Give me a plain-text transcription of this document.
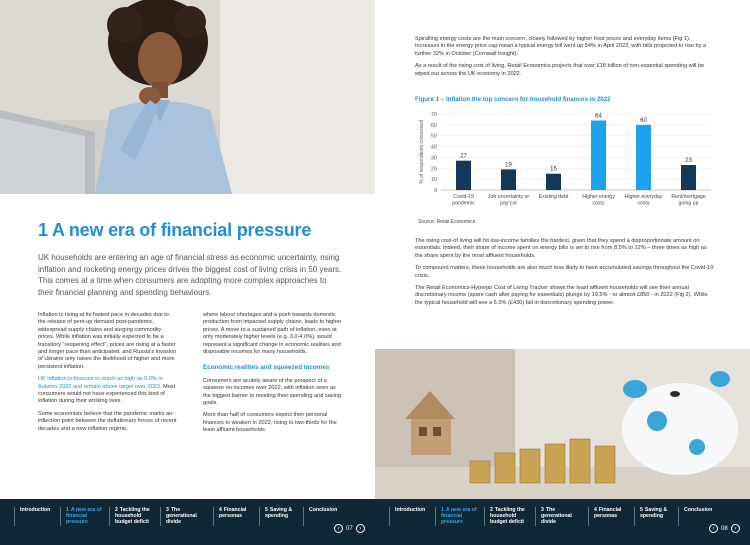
1 A new era of financial pressure
UK households are entering an age of financial stress as economic uncertainty, rising inflation and rocketing energy prices drives the biggest cost of living crisis in 50 years. This comes at a time when consumers are adopting more complex approaches to their financial planning and spending behaviours.

Inflation is rising at its fastest pace in decades due to the release of pent-up demand post-pandemic, widespread supply chains and surging commodity prices. While inflation was initially expected to be a transitory "reopening effect", prices are rising at a faster and longer pace than anticipated, and Russia's invasion of Ukraine only raises the likelihood of higher and more persistent inflation.

UK inflation is forecast to reach as high as 9.0% in Autumn 2022 and remain above target over 2023. Most consumers would not have experienced this kind of inflation during their working lives.

Some economists believe that the pandemic marks an inflection point between the deflationary forces of recent decades and a new inflation regime,

where labour shortages and a push towards domestic production from impacted supply chains, leads to higher prices. A move to a sustained path of inflation, even at only moderately higher levels (e.g. 3.0-4.0%), would represent a significant change in economic realities and disposable incomes for many households.

Economic realities and squeezed incomes

Consumers are acutely aware of the prospect of a squeeze on incomes over 2022, with inflation seen as the biggest barrier to meeting their spending and saving goals.

More than half of consumers expect their personal finances to weaken in 2022, rising to two-thirds for the least affluent households.

Spiralling energy costs are the main concern, closely followed by higher food prices and everyday items (Fig 1). Increases in the energy price cap mean a typical energy bill went up 54% in April 2022, with bills projected to rise by a further 32% in October (Cornwall Insight).

As a result of the rising cost of living, Retail Economics projects that over £18 billion of non-essential spending will be wiped out across the UK economy in 2022.

Figure 1 – Inflation the top concern for household finances in 2022
0
10
20
30
40
50
60
70
% of respondents concerned	27
Covid-19
pandemic
19
Job uncertainty or
pay cut
15
Existing debt
64
Higher energy
costs
60
Higher everyday
costs
23
Rent/mortgage
going up
Source: Retail Economics

The rising cost-of living will hit low-income families the hardest, given that they spend a disproportionate amount on essentials. Indeed, their share of income spent on energy bills is set to rise from 8.5% to 12% – three times as high as the share spent by the most affluent households.

To compound matters, these households are also much less likely to have accumulated savings throughout the Covid-19 crisis.

The Retail Economics-Hyperjar Cost of Living Tracker shows the least affluent households will see their annual discretionary income (spare cash after paying for essentials) plunge by 19.5% - or almost £850 - in 2022 (Fig 2). While the typical household will see a 6.5% (£430) fall in discretionary spending power.

Introduction	1 A new era of financial pressure
2 Tackling the household budget deficit
3 The generational divide
4 Financial personas
5 Saving & spending
Conclusion
‹	07	›
Introduction	1 A new era of financial pressure
2 Tackling the household budget deficit
3 The generational divide
4 Financial personas
5 Saving & spending
Conclusion
‹	08	›
